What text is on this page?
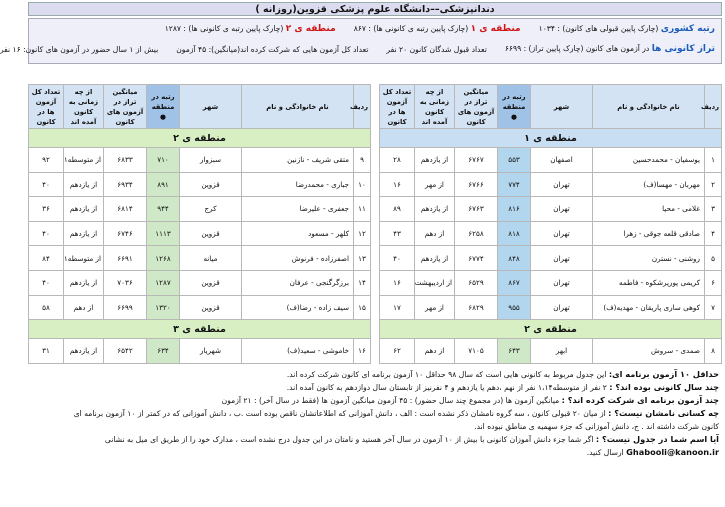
دندانپزشکی––دانشگاه علوم پزشکی قزوین(روزانه )
رتبه کشوری (چارک پایین قبولی های کانون) : ۱۰۳۴
منطقه ی ۱ (چارک پایین رتبه ی کانونی ها) : ۸۶۷
منطقه ی ۲ (چارک پایین رتبه ی کانونی ها) : ۱۲۸۷
تراز کانونی ها در آزمون های کانون (چارک پایین تراز) : ۶۶۹۹
تعداد قبول شدگان کانون ۲۰ نفر
تعداد کل آزمون هایی که شرکت کرده اند(میانگین): ۴۵ آزمون
بیش از ۱ سال حضور در آزمون های کانون: ۱۶ نفر
ردیف	نام خانوادگی و نام	شهر	رتبه در منطقه
●	میانگین تراز در آزمون های کانون	از چه زمانی به کانون آمده اند	تعداد کل آزمون ها در کانون
منطقه ی ۱						
۱	یوسفیان - محمدحسین	اصفهان	۵۵۳	۶۷۶۷	از یازدهم	۲۸
۲	مهربان - مهسا(ف)	تهران	۷۷۴	۶۷۶۶	از مهر	۱۶
۳	غلامی - محیا	تهران	۸۱۶	۶۷۶۳	از یازدهم	۸۹
۴	صادقی قلعه جوقی - زهرا	تهران	۸۱۸	۶۲۵۸	از دهم	۴۳
۵	روشنی - نسترن	تهران	۸۴۸	۶۷۷۴	از یازدهم	۴۰
۶	کریمی پورپرشکوه - فاطمه	تهران	۸۶۷	۶۵۲۹	از اردیبهشت	۱۶
۷	کوهی ساری پاریقان - مهدیه(ف)	تهران	۹۵۵	۶۸۲۹	از مهر	۱۷
منطقه ی ۲						
۸	صمدی - سروش	ابهر	۶۴۳	۷۱۰۵	از دهم	۶۲
ردیف	نام خانوادگی و نام	شهر	رتبه در منطقه
●	میانگین تراز در آزمون های کانون	از چه زمانی به کانون آمده اند	تعداد کل آزمون ها در کانون
منطقه ی ۲						
۹	متقی شریف - نازنین	سبزوار	۷۱۰	۶۸۳۳	از متوسطه۱	۹۲
۱۰	جباری - محمدرضا	قزوین	۸۹۱	۶۹۳۴	از یازدهم	۴۰
۱۱	جعفری - علیرضا	کرج	۹۴۴	۶۸۱۴	از یازدهم	۳۶
۱۲	کلهر - مسعود	قزوین	۱۱۱۳	۶۷۴۶	از یازدهم	۴۰
۱۳	اصفرزاده - فرنوش	میانه	۱۲۶۸	۶۶۹۱	از متوسطه۱	۸۴
۱۴	برزگرگنجی - عرفان	قزوین	۱۲۸۷	۷۰۳۶	از یازدهم	۴۰
۱۵	سیف زاده - رضا(ف)	قزوین	۱۳۲۰	۶۶۹۹	از دهم	۵۸
منطقه ی ۳						
۱۶	خاموشی - سعید(ف)	شهریار	۶۳۴	۶۵۴۲	از یازدهم	۳۱

حداقل ۱۰ آزمون برنامه ای: این جدول مربوط به کانونی هایی است که سال ۹۸ حداقل ۱۰ آزمون برنامه ای کانون شرکت کرده اند.

چند سال کانونی بوده اند؟ : ۲ نفر از متوسطه۱،۱۴ نفر از نهم ،دهم یا یازدهم و ۴ نفرنیز از تابستان سال دوازدهم به کانون آمده اند.

چند آزمون برنامه ای شرکت کرده اند؟ : میانگین آزمون ها (در مجموع چند سال حضور) : ۴۵ آزمون میانگین آزمون ها (فقط در سال آخر) : ۲۱ آزمون

چه کسانی نامشان نیست؟ : از میان ۲۰ قبولی کانون ، سه گروه نامشان ذکر نشده است : الف ، دانش آموزانی که اطلاعاتشان ناقص بوده است .ب ، دانش آموزانی که در کمتر از ۱۰ آزمون برنامه ای

کانون شرکت داشته اند . ج، دانش آموزانی که جزء سهمیه ی مناطق نبوده اند.

آیا اسم شما در جدول نیست؟ : اگر شما جزء دانش آموزان کانونی با بیش از ۱۰ آزمون در سال آخر هستید و نامتان در این جدول درج نشده است ، مدارک خود را از طریق ای میل به نشانی

Ghabooli@kanoon.ir ارسال کنید.
